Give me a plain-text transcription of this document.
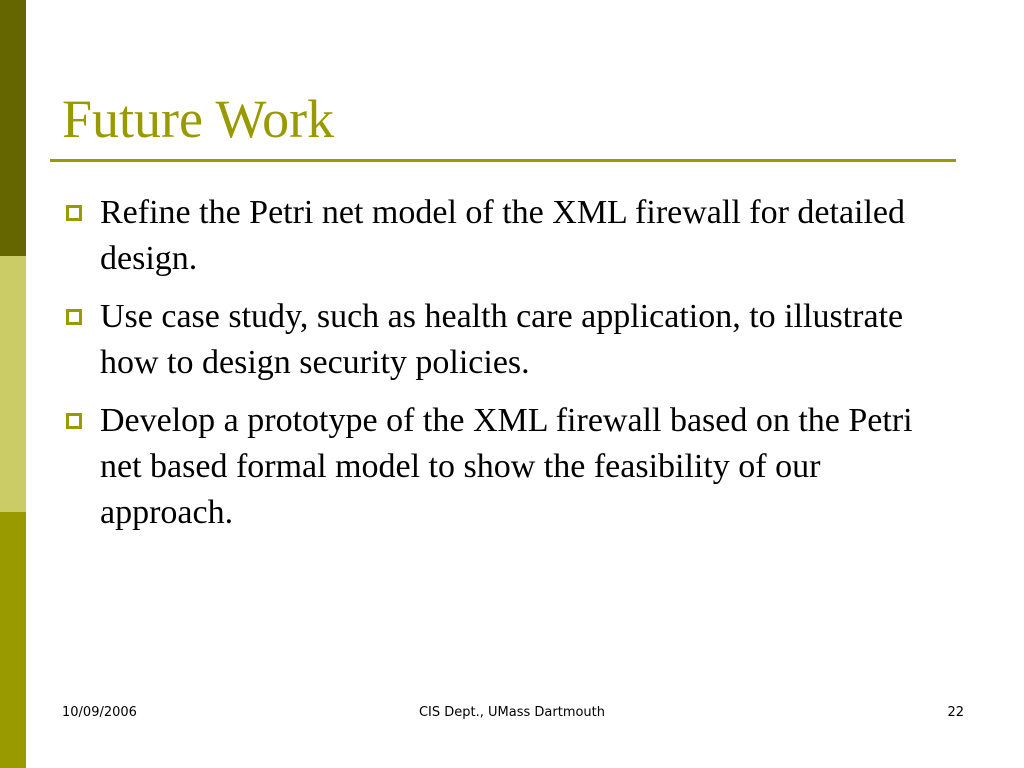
Future Work
Refine the Petri net model of the XML firewall for detailed design.
Use case study, such as health care application, to illustrate how to design security policies.
Develop a prototype of the XML firewall based on the Petri net based formal model to show the feasibility of our approach.
10/09/2006	CIS Dept., UMass Dartmouth	22
